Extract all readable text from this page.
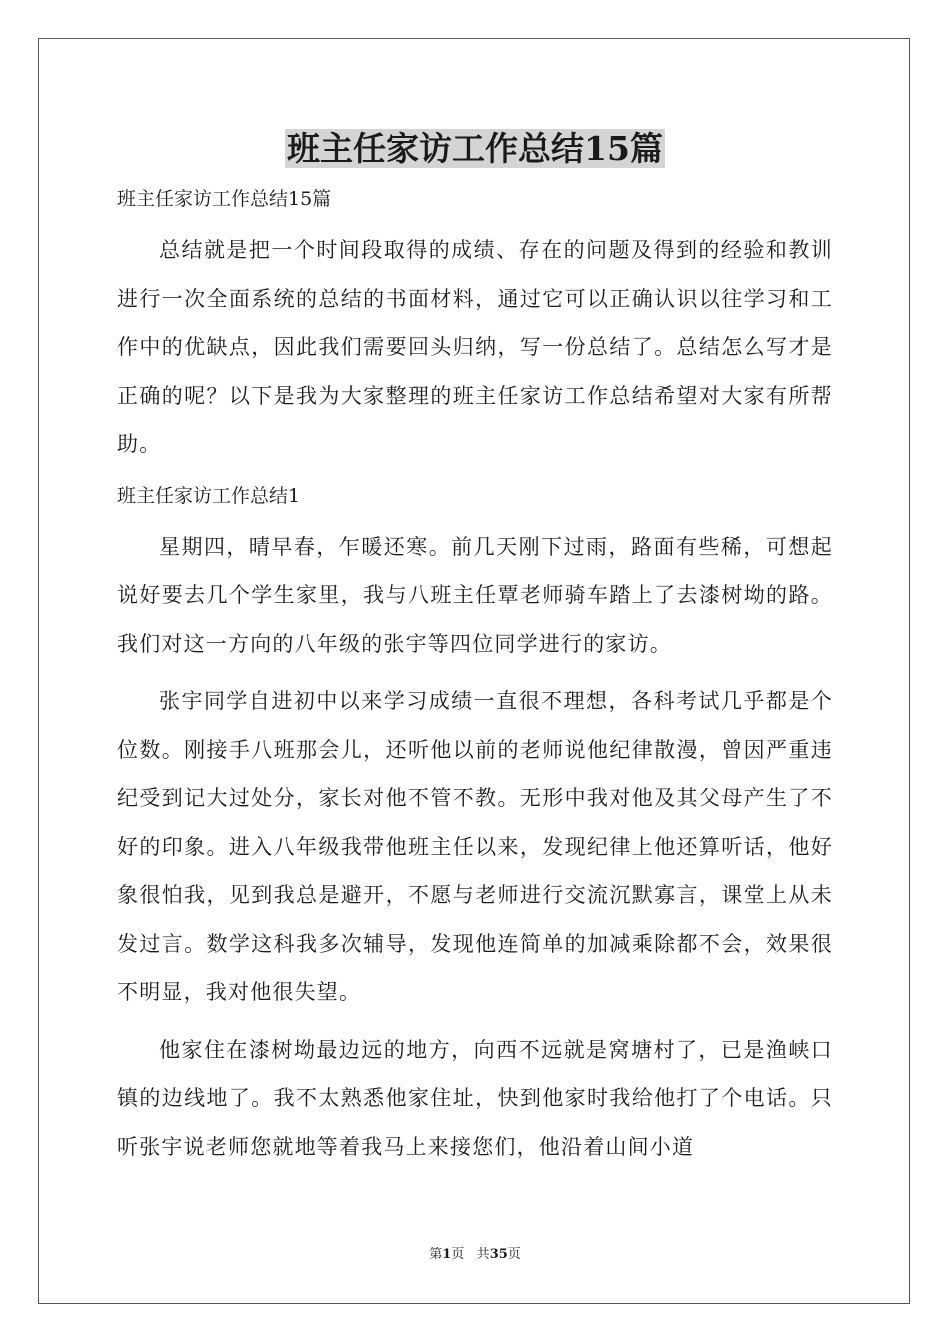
班主任家访工作总结15篇

班主任家访工作总结15篇

总结就是把一个时间段取得的成绩、存在的问题及得到的经验和教训进行一次全面系统的总结的书面材料，通过它可以正确认识以往学习和工作中的优缺点，因此我们需要回头归纳，写一份总结了。总结怎么写才是正确的呢？以下是我为大家整理的班主任家访工作总结希望对大家有所帮助。

班主任家访工作总结1

星期四，晴早春，乍暖还寒。前几天刚下过雨，路面有些稀，可想起说好要去几个学生家里，我与八班主任覃老师骑车踏上了去漆树坳的路。我们对这一方向的八年级的张宇等四位同学进行的家访。

张宇同学自进初中以来学习成绩一直很不理想，各科考试几乎都是个位数。刚接手八班那会儿，还听他以前的老师说他纪律散漫，曾因严重违纪受到记大过处分，家长对他不管不教。无形中我对他及其父母产生了不好的印象。进入八年级我带他班主任以来，发现纪律上他还算听话，他好象很怕我，见到我总是避开，不愿与老师进行交流沉默寡言，课堂上从未发过言。数学这科我多次辅导，发现他连简单的加减乘除都不会，效果很不明显，我对他很失望。

他家住在漆树坳最边远的地方，向西不远就是窝塘村了，已是渔峡口镇的边线地了。我不太熟悉他家住址，快到他家时我给他打了个电话。只听张宇说老师您就地等着我马上来接您们，他沿着山间小道

第1页 共35页
